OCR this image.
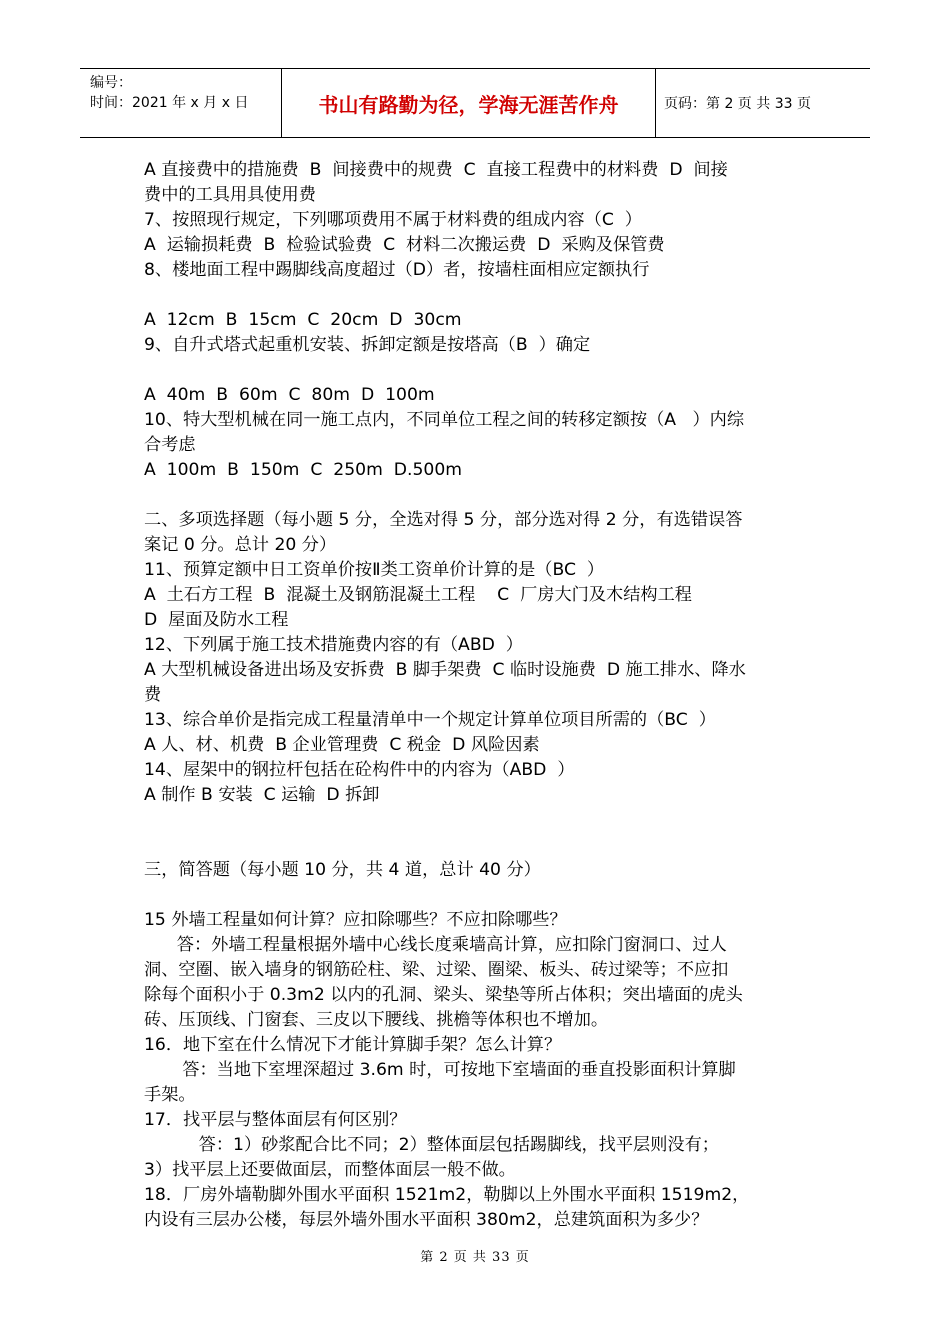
编号：
时间：2021 年 x 月 x 日	书山有路勤为径，学海无涯苦作舟	页码：第 2 页 共 33 页

A 直接费中的措施费  B  间接费中的规费  C  直接工程费中的材料费  D  间接

费中的工具用具使用费

7、按照现行规定，下列哪项费用不属于材料费的组成内容（C  ）

A  运输损耗费  B  检验试验费  C  材料二次搬运费  D  采购及保管费

8、楼地面工程中踢脚线高度超过（D）者，按墙柱面相应定额执行

A  12cm  B  15cm  C  20cm  D  30cm

9、自升式塔式起重机安装、拆卸定额是按塔高（B  ）确定

A  40m  B  60m  C  80m  D  100m

10、特大型机械在同一施工点内，不同单位工程之间的转移定额按（A   ）内综

合考虑

A  100m  B  150m  C  250m  D.500m

二、多项选择题（每小题 5 分，全选对得 5 分，部分选对得 2 分，有选错误答

案记 0 分。总计 20 分）

11、预算定额中日工资单价按Ⅱ类工资单价计算的是（BC  ）

A  土石方工程  B  混凝土及钢筋混凝土工程    C  厂房大门及木结构工程

D  屋面及防水工程

12、下列属于施工技术措施费内容的有（ABD  ）

A 大型机械设备进出场及安拆费  B 脚手架费  C 临时设施费  D 施工排水、降水

费

13、综合单价是指完成工程量清单中一个规定计算单位项目所需的（BC  ）

A 人、材、机费  B 企业管理费  C 税金  D 风险因素

14、屋架中的钢拉杆包括在砼构件中的内容为（ABD  ）

A 制作 B 安装  C 运输  D 拆卸

三，简答题（每小题 10 分，共 4 道，总计 40 分）

15 外墙工程量如何计算？应扣除哪些？不应扣除哪些？

答：外墙工程量根据外墙中心线长度乘墙高计算，应扣除门窗洞口、过人

洞、空圈、嵌入墙身的钢筋砼柱、梁、过梁、圈梁、板头、砖过梁等；不应扣

除每个面积小于 0.3m2 以内的孔洞、梁头、梁垫等所占体积；突出墙面的虎头

砖、压顶线、门窗套、三皮以下腰线、挑檐等体积也不增加。

16．地下室在什么情况下才能计算脚手架？怎么计算？

答：当地下室埋深超过 3.6m 时，可按地下室墙面的垂直投影面积计算脚

手架。

17．找平层与整体面层有何区别？

答：1）砂浆配合比不同；2）整体面层包括踢脚线，找平层则没有；

3）找平层上还要做面层，而整体面层一般不做。

18．厂房外墙勒脚外围水平面积 1521m2，勒脚以上外围水平面积 1519m2，

内设有三层办公楼，每层外墙外围水平面积 380m2，总建筑面积为多少？

第 2 页 共 33 页
